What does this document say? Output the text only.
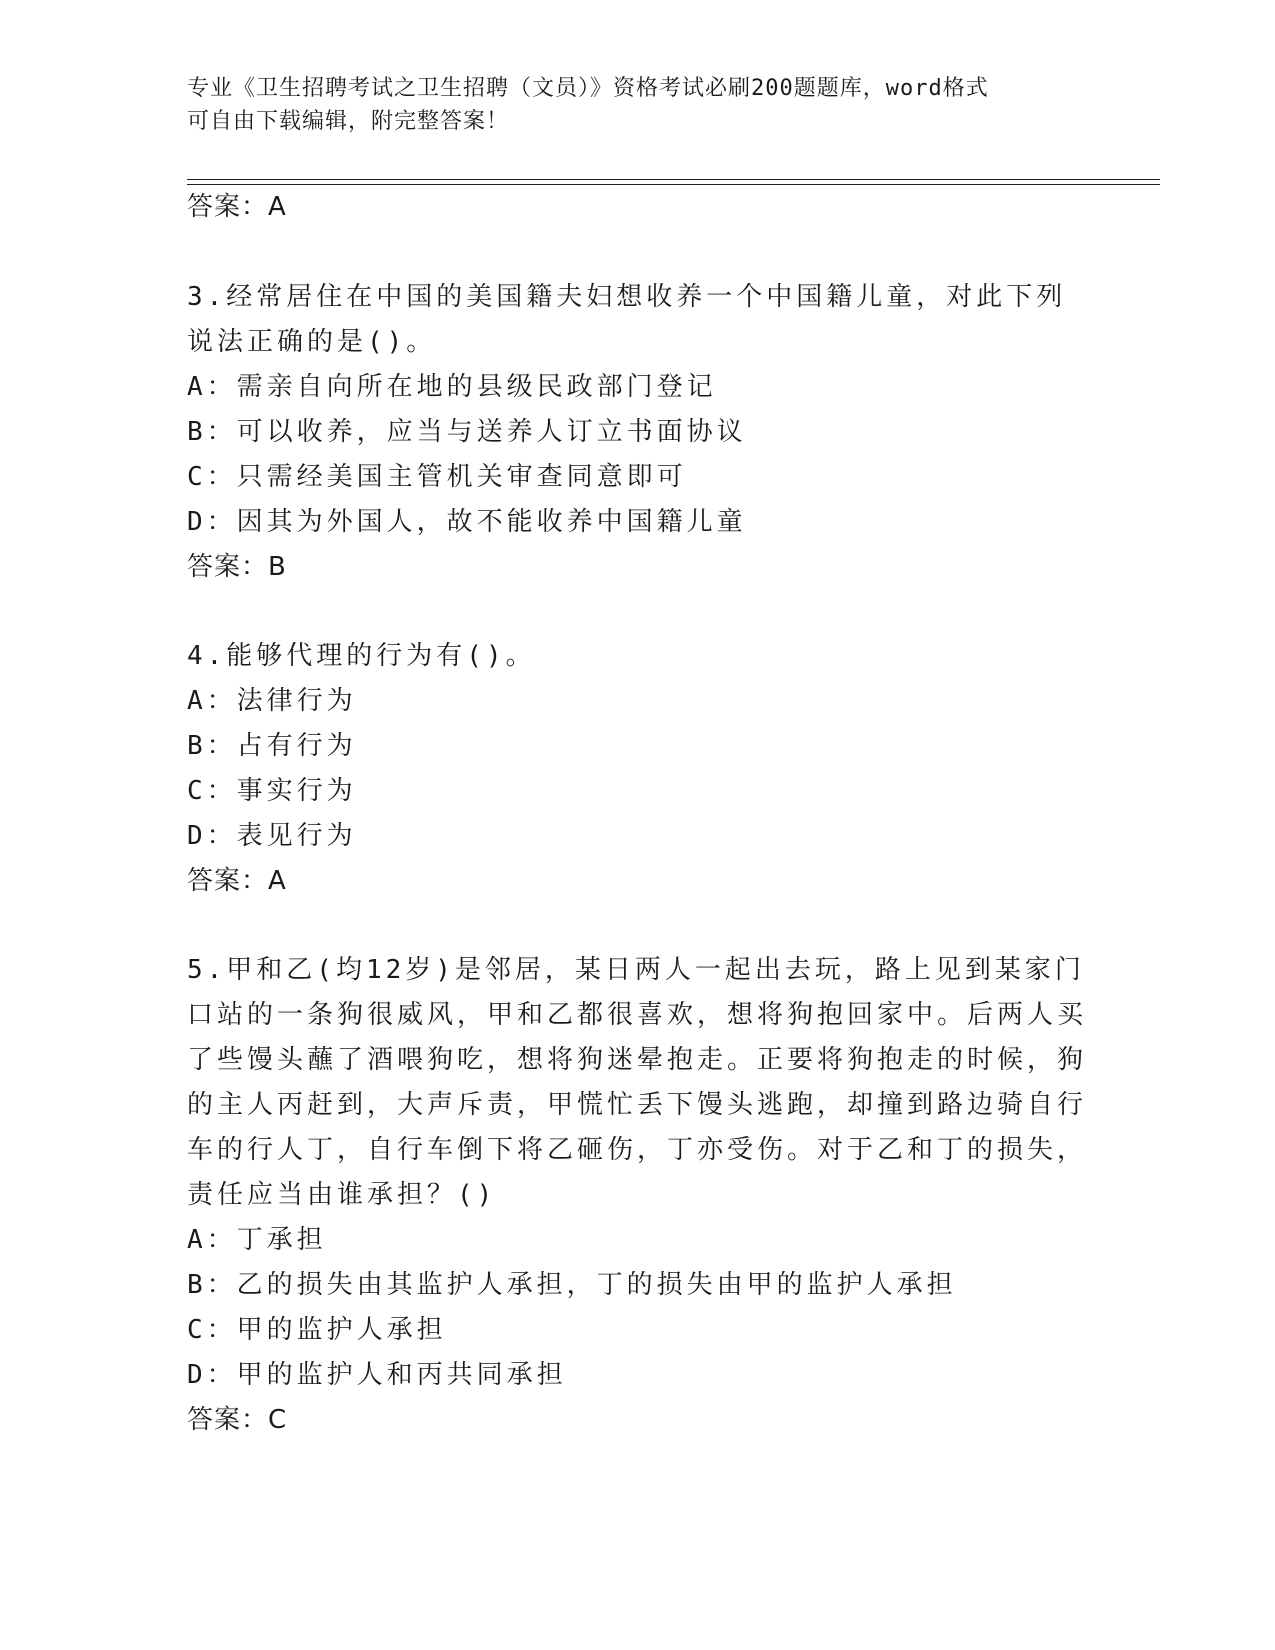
专业《卫生招聘考试之卫生招聘（文员）》资格考试必刷200题题库，word格式
可自由下载编辑，附完整答案！
答案：A
3.经常居住在中国的美国籍夫妇想收养一个中国籍儿童，对此下列说法正确的是()。
A：需亲自向所在地的县级民政部门登记
B：可以收养，应当与送养人订立书面协议
C：只需经美国主管机关审查同意即可
D：因其为外国人，故不能收养中国籍儿童
答案：B
4.能够代理的行为有()。
A：法律行为
B：占有行为
C：事实行为
D：表见行为
答案：A
5.甲和乙(均12岁)是邻居，某日两人一起出去玩，路上见到某家门口站的一条狗很威风，甲和乙都很喜欢，想将狗抱回家中。后两人买了些馒头蘸了酒喂狗吃，想将狗迷晕抱走。正要将狗抱走的时候，狗的主人丙赶到，大声斥责，甲慌忙丢下馒头逃跑，却撞到路边骑自行车的行人丁，自行车倒下将乙砸伤，丁亦受伤。对于乙和丁的损失，责任应当由谁承担？()
A：丁承担
B：乙的损失由其监护人承担，丁的损失由甲的监护人承担
C：甲的监护人承担
D：甲的监护人和丙共同承担
答案：C
